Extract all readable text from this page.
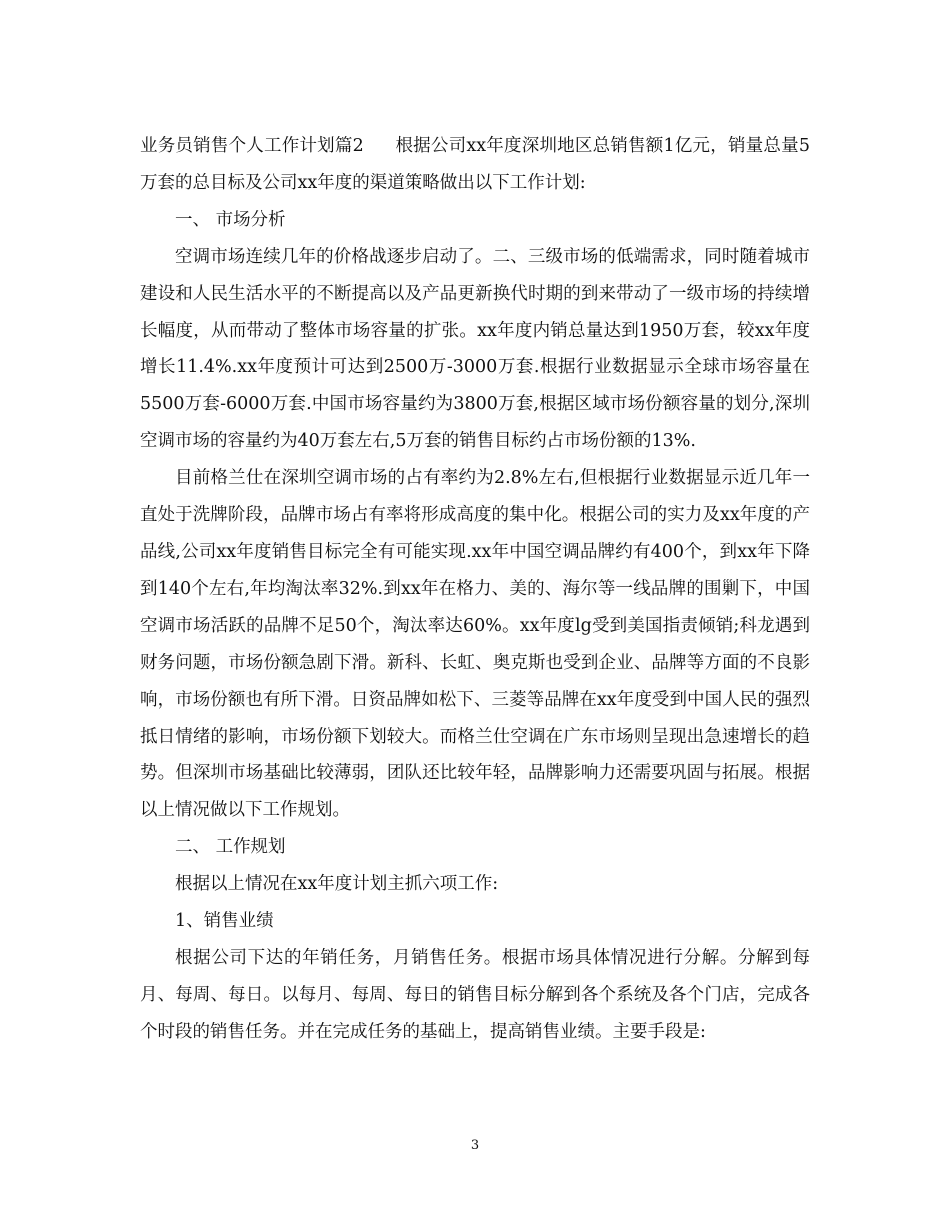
业务员销售个人工作计划篇2 根据公司xx年度深圳地区总销售额1亿元，销量总量5万套的总目标及公司xx年度的渠道策略做出以下工作计划:

一、 市场分析

空调市场连续几年的价格战逐步启动了。二、三级市场的低端需求，同时随着城市建设和人民生活水平的不断提高以及产品更新换代时期的到来带动了一级市场的持续增长幅度，从而带动了整体市场容量的扩张。xx年度内销总量达到1950万套，较xx年度增长11.4%.xx年度预计可达到2500万-3000万套.根据行业数据显示全球市场容量在5500万套-6000万套.中国市场容量约为3800万套,根据区域市场份额容量的划分,深圳空调市场的容量约为40万套左右,5万套的销售目标约占市场份额的13%.

目前格兰仕在深圳空调市场的占有率约为2.8%左右,但根据行业数据显示近几年一直处于洗牌阶段，品牌市场占有率将形成高度的集中化。根据公司的实力及xx年度的产品线,公司xx年度销售目标完全有可能实现.xx年中国空调品牌约有400个，到xx年下降到140个左右,年均淘汰率32%.到xx年在格力、美的、海尔等一线品牌的围剿下，中国空调市场活跃的品牌不足50个，淘汰率达60%。xx年度lg受到美国指责倾销;科龙遇到财务问题，市场份额急剧下滑。新科、长虹、奥克斯也受到企业、品牌等方面的不良影响，市场份额也有所下滑。日资品牌如松下、三菱等品牌在xx年度受到中国人民的强烈抵日情绪的影响，市场份额下划较大。而格兰仕空调在广东市场则呈现出急速增长的趋势。但深圳市场基础比较薄弱，团队还比较年轻，品牌影响力还需要巩固与拓展。根据以上情况做以下工作规划。

二、 工作规划

根据以上情况在xx年度计划主抓六项工作:

1、销售业绩

根据公司下达的年销任务，月销售任务。根据市场具体情况进行分解。分解到每月、每周、每日。以每月、每周、每日的销售目标分解到各个系统及各个门店，完成各个时段的销售任务。并在完成任务的基础上，提高销售业绩。主要手段是:

3
